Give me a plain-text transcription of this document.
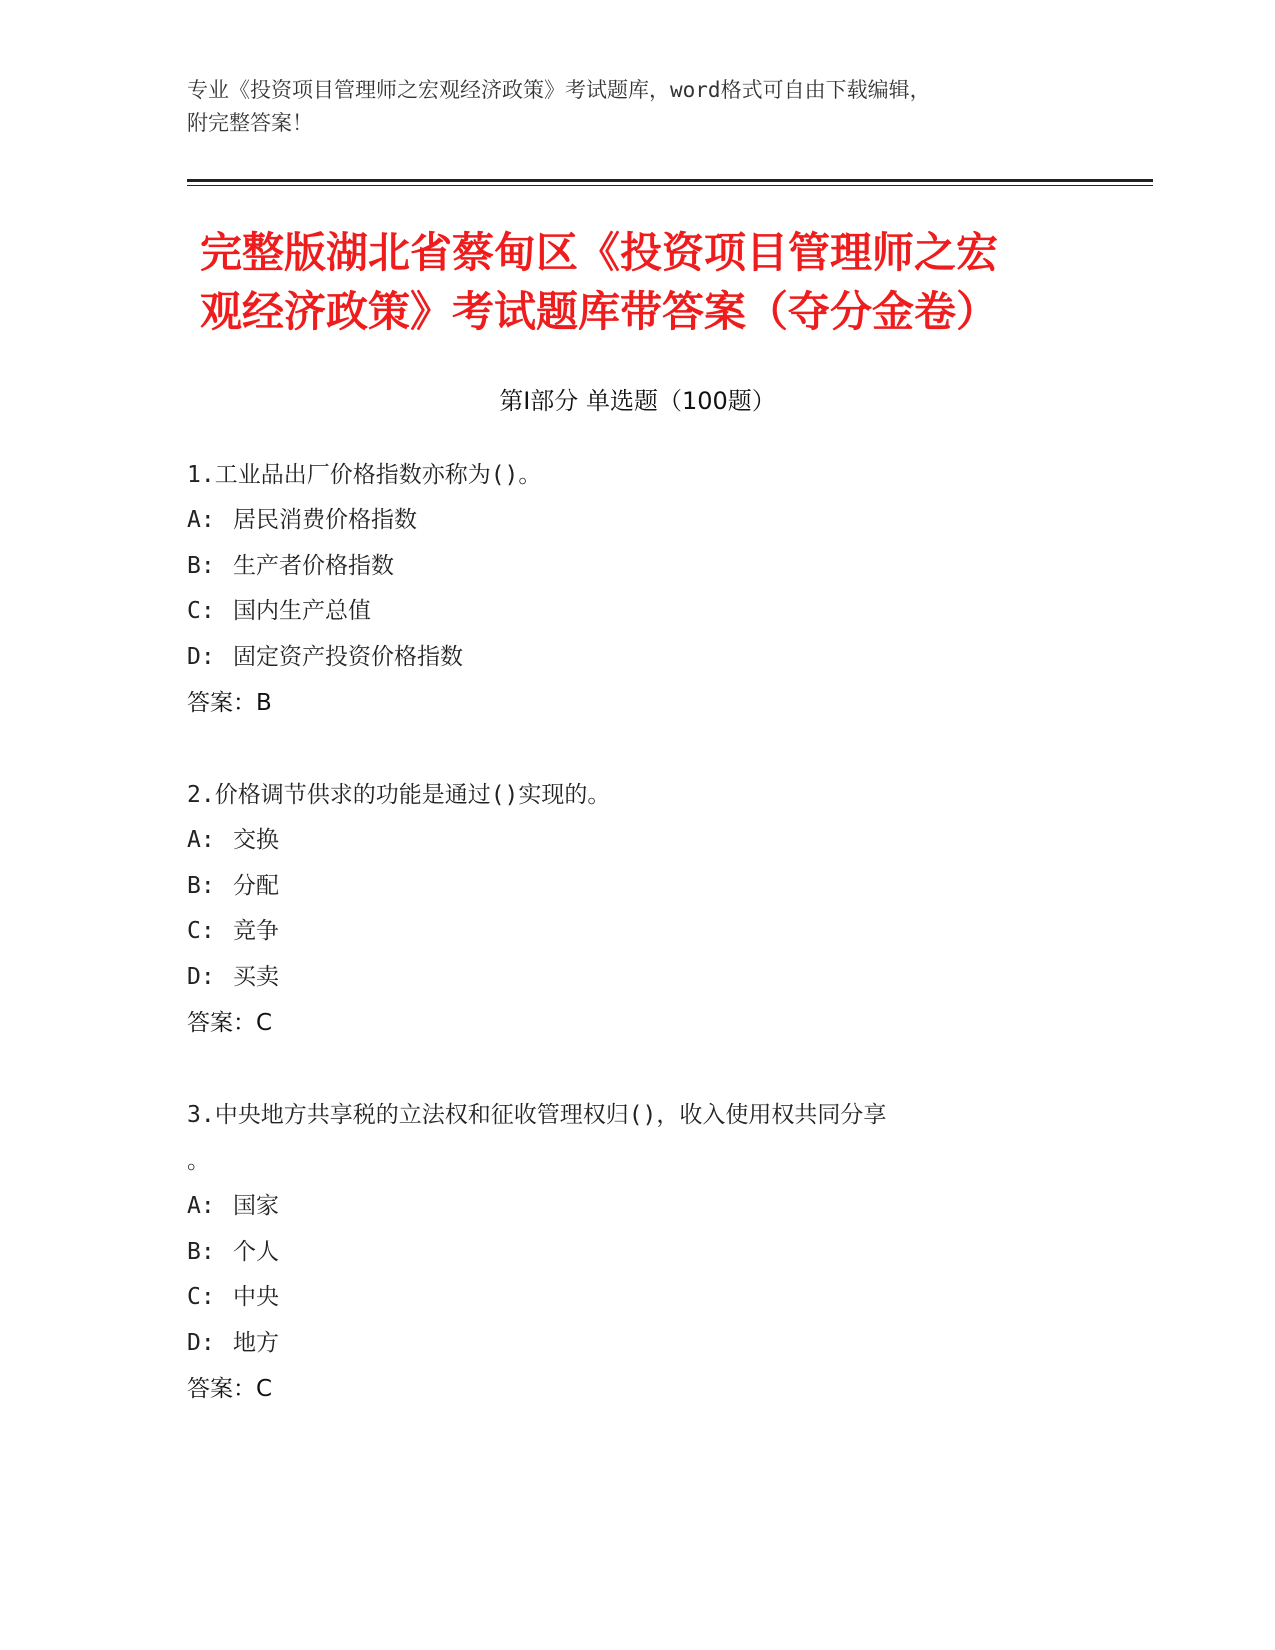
专业《投资项目管理师之宏观经济政策》考试题库，word格式可自由下载编辑，
附完整答案！
完整版湖北省蔡甸区《投资项目管理师之宏
观经济政策》考试题库带答案（夺分金卷）
第Ⅰ部分 单选题（100题）
1.工业品出厂价格指数亦称为()。
A: 居民消费价格指数
B: 生产者价格指数
C: 国内生产总值
D: 固定资产投资价格指数
答案：B
2.价格调节供求的功能是通过()实现的。
A: 交换
B: 分配
C: 竞争
D: 买卖
答案：C
3.中央地方共享税的立法权和征收管理权归()，收入使用权共同分享
。
A: 国家
B: 个人
C: 中央
D: 地方
答案：C
